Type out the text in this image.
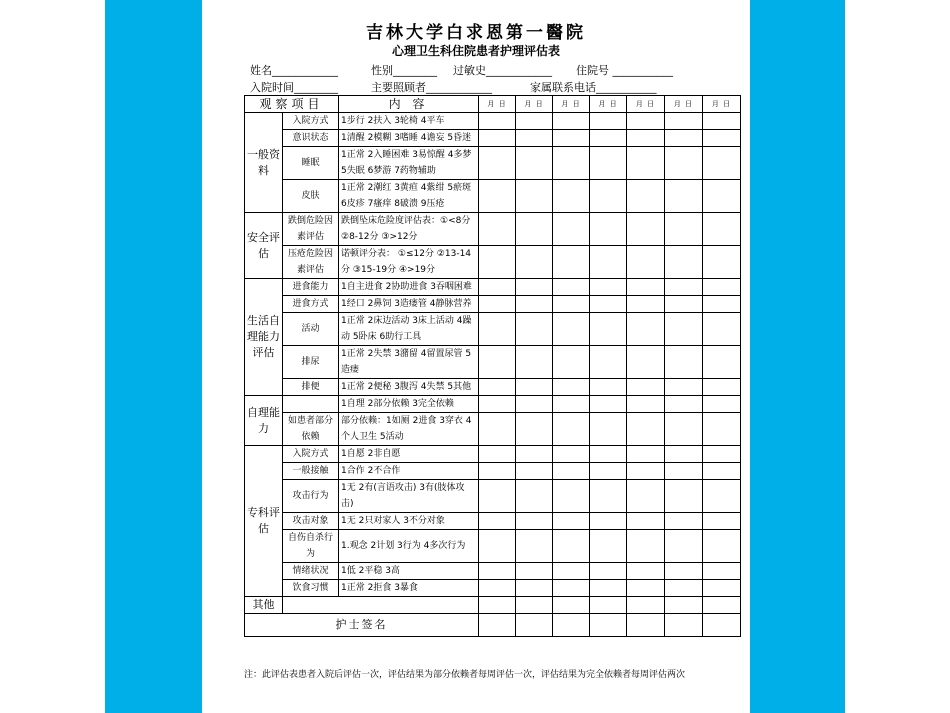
吉林大学白求恩第一醫院
心理卫生科住院患者护理评估表
姓名____________	性别________ 过敏史____________ 住院号 ___________
入院时间________	主要照顾者____________	家属联系电话___________
观察项目		内 容	月 日	月 日	月 日	月 日	月 日	月 日	月 日
一般资料	入院方式	1步行 2扶入 3轮椅 4平车							
	意识状态	1清醒 2模糊 3嗜睡 4谵妄 5昏迷							
	睡眠	1正常 2入睡困难 3易惊醒 4多梦 5失眠 6梦游 7药物辅助							
	皮肤	1正常 2潮红 3黄疸 4紫绀 5瘀斑 6皮疹 7瘙痒 8破溃 9压疮							
安全评估	跌倒危险因素评估	跌倒坠床危险度评估表：①<8分 ②8-12分 ③>12分							
	压疮危险因素评估	诺顿评分表： ①≤12分 ②13-14分 ③15-19分 ④>19分							
生活自理能力评估	进食能力	1自主进食 2协助进食 3吞咽困难							
	进食方式	1经口 2鼻饲 3造瘘管 4静脉营养							
	活动	1正常 2床边活动 3床上活动 4躁动 5卧床 6助行工具							
	排尿	1正常 2失禁 3潴留 4留置尿管 5造瘘							
	排便	1正常 2便秘 3腹泻 4失禁 5其他							
自理能力		1自理 2部分依赖 3完全依赖							
	如患者部分依赖	部分依赖：1如厕 2进食 3穿衣 4个人卫生 5活动							
专科评估	入院方式	1自愿 2非自愿							
	一般接触	1合作 2不合作							
	攻击行为	1无 2有(言语攻击) 3有(肢体攻击)							
	攻击对象	1无 2只对家人 3不分对象							
	自伤自杀行为	1.观念 2计划 3行为 4多次行为							
	情绪状况	1低 2平稳 3高							
	饮食习惯	1正常 2拒食 3暴食							
其他									
护士签名									
注：此评估表患者入院后评估一次，评估结果为部分依赖者每周评估一次，评估结果为完全依赖者每周评估两次
